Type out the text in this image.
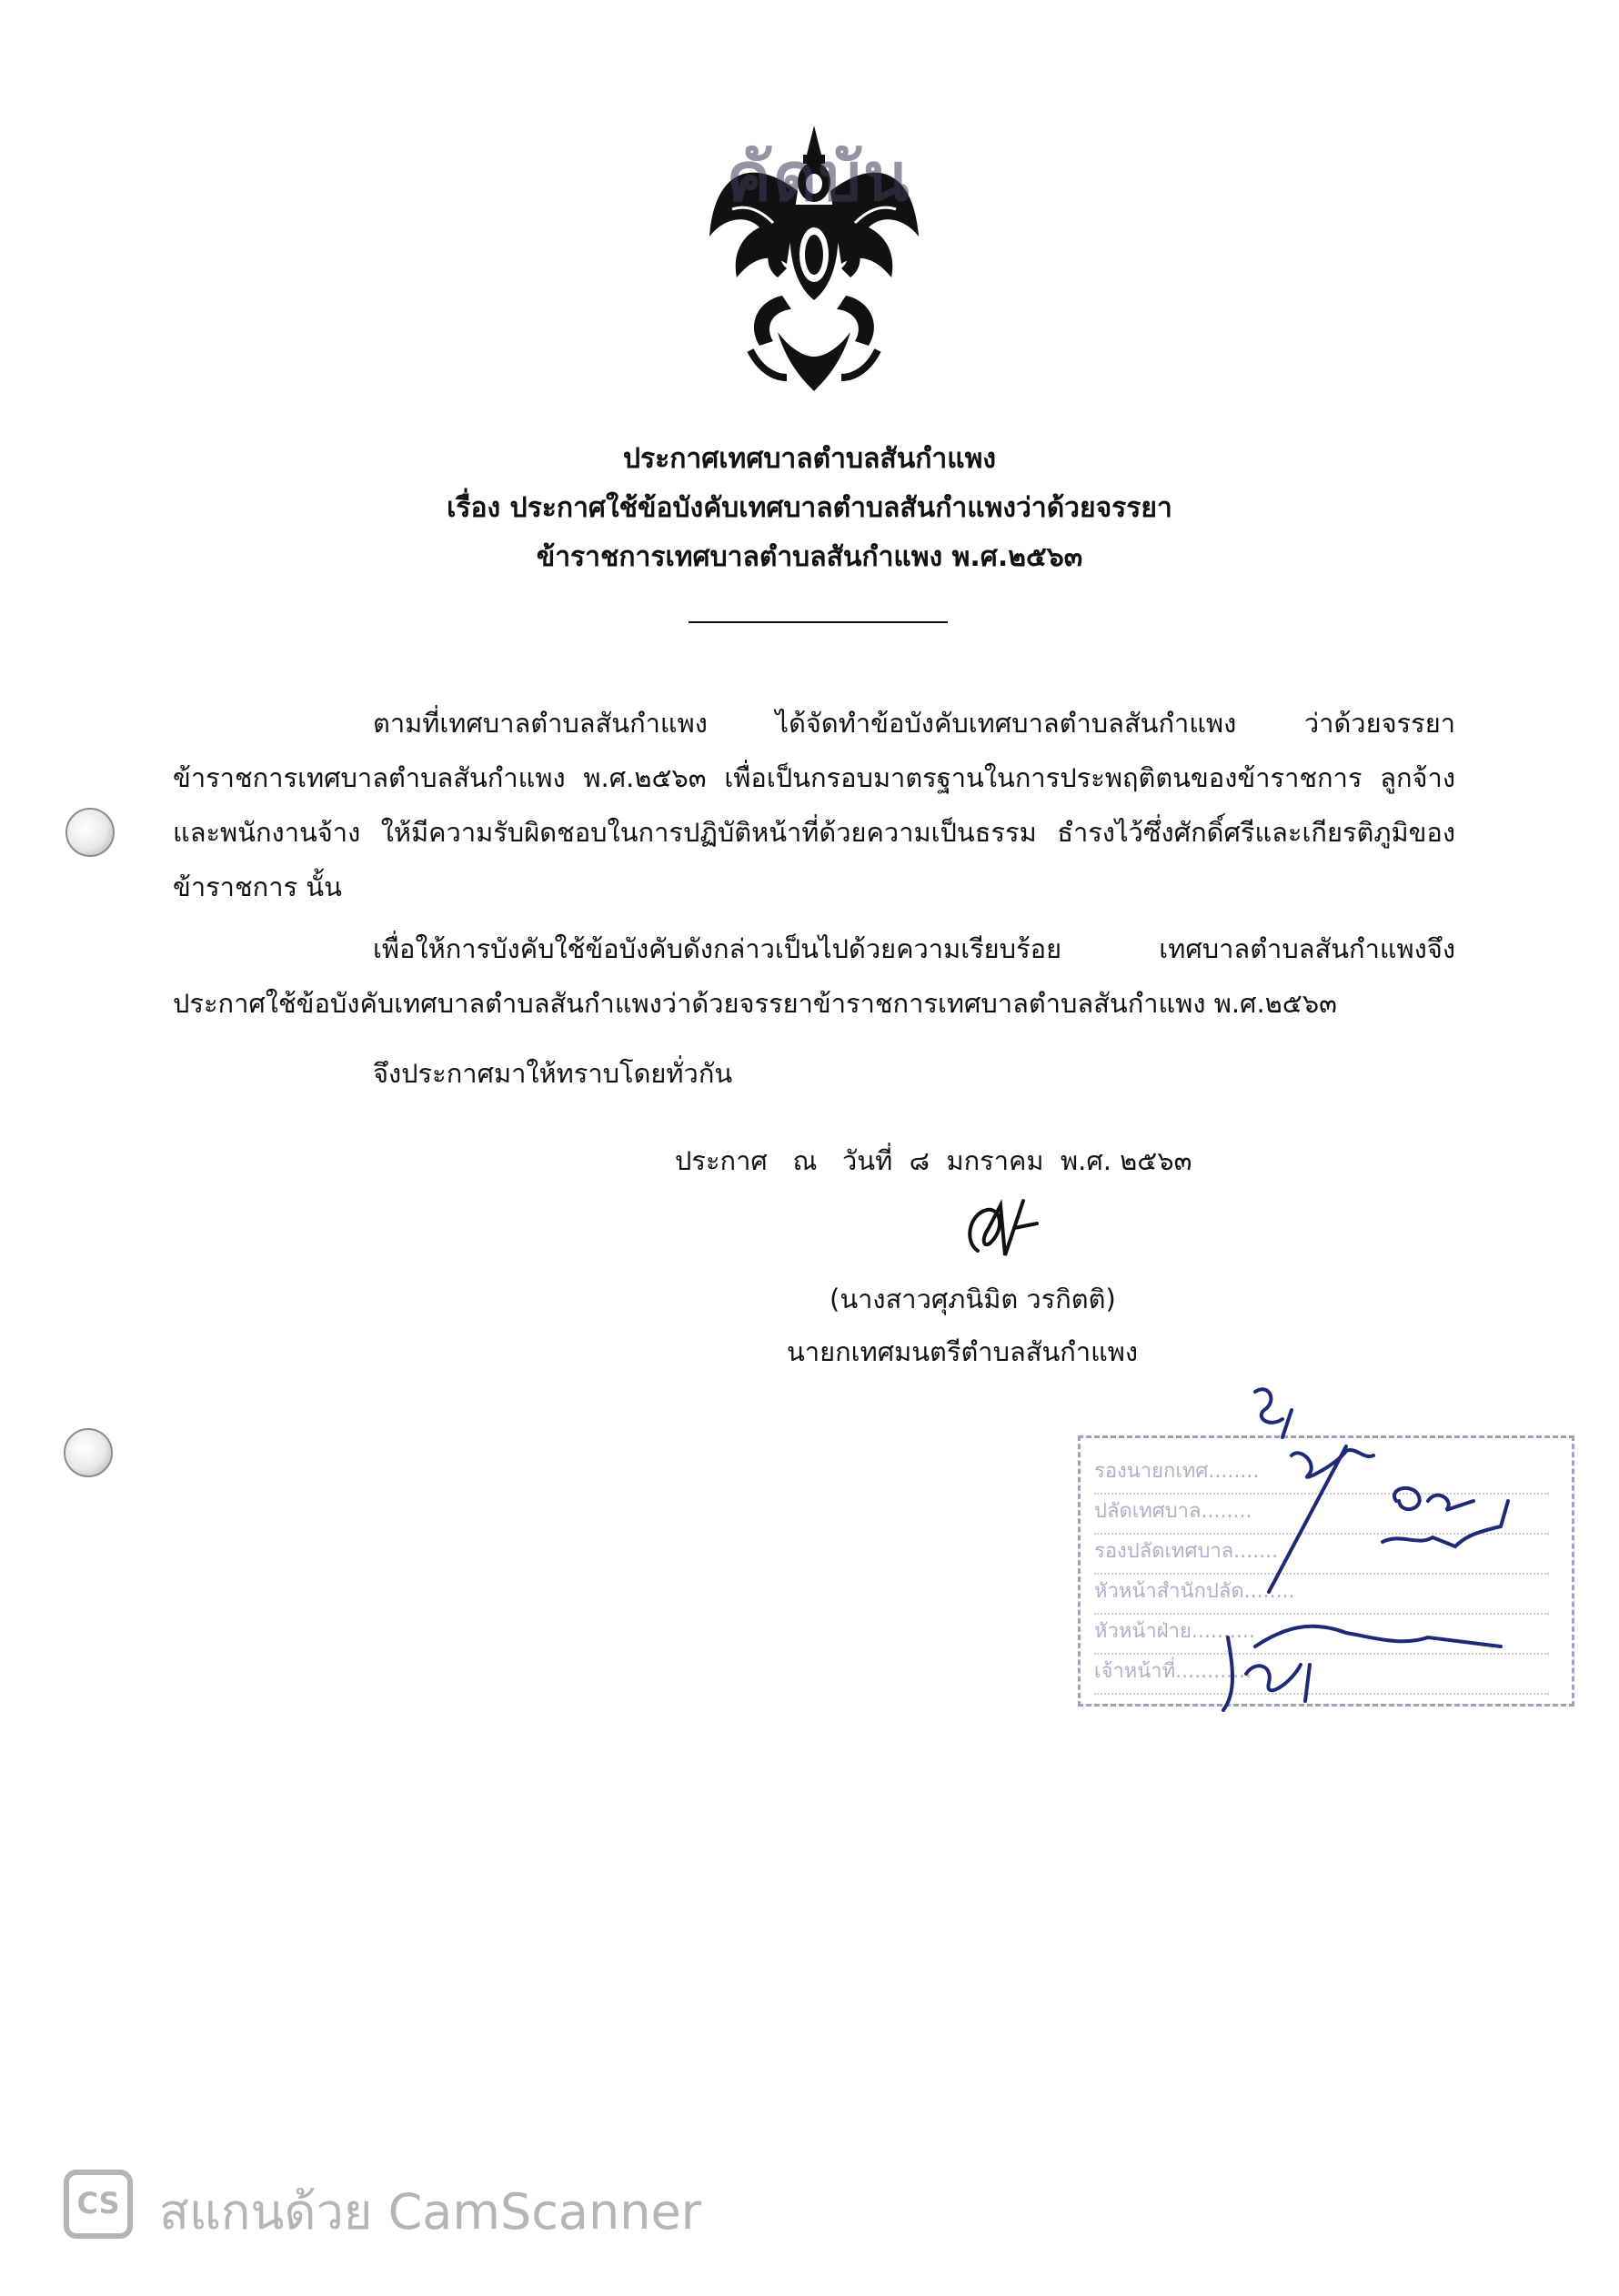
คัดบัน
ประกาศเทศบาลตำบลสันกำแพง
เรื่อง ประกาศใช้ข้อบังคับเทศบาลตำบลสันกำแพงว่าด้วยจรรยา
ข้าราชการเทศบาลตำบลสันกำแพง พ.ศ.๒๕๖๓
ตามที่เทศบาลตำบลสันกำแพง ได้จัดทำข้อบังคับเทศบาลตำบลสันกำแพง ว่าด้วยจรรยาข้าราชการเทศบาลตำบลสันกำแพง พ.ศ.๒๕๖๓ เพื่อเป็นกรอบมาตรฐานในการประพฤติตนของข้าราชการ ลูกจ้าง และพนักงานจ้าง ให้มีความรับผิดชอบในการปฏิบัติหน้าที่ด้วยความเป็นธรรม ธำรงไว้ซึ่งศักดิ์ศรีและเกียรติภูมิของข้าราชการ นั้น
เพื่อให้การบังคับใช้ข้อบังคับดังกล่าวเป็นไปด้วยความเรียบร้อย เทศบาลตำบลสันกำแพงจึงประกาศใช้ข้อบังคับเทศบาลตำบลสันกำแพงว่าด้วยจรรยาข้าราชการเทศบาลตำบลสันกำแพง พ.ศ.๒๕๖๓
จึงประกาศมาให้ทราบโดยทั่วกัน
ประกาศ   ณ   วันที่  ๘  มกราคม  พ.ศ. ๒๕๖๓
(นางสาวศุภนิมิต วรกิตติ)
นายกเทศมนตรีตำบลสันกำแพง
รองนายกเทศ........
ปลัดเทศบาล........
รองปลัดเทศบาล.......
หัวหน้าสำนักปลัด........
หัวหน้าฝ่าย..........
เจ้าหน้าที่............
CS สแกนด้วย CamScanner
